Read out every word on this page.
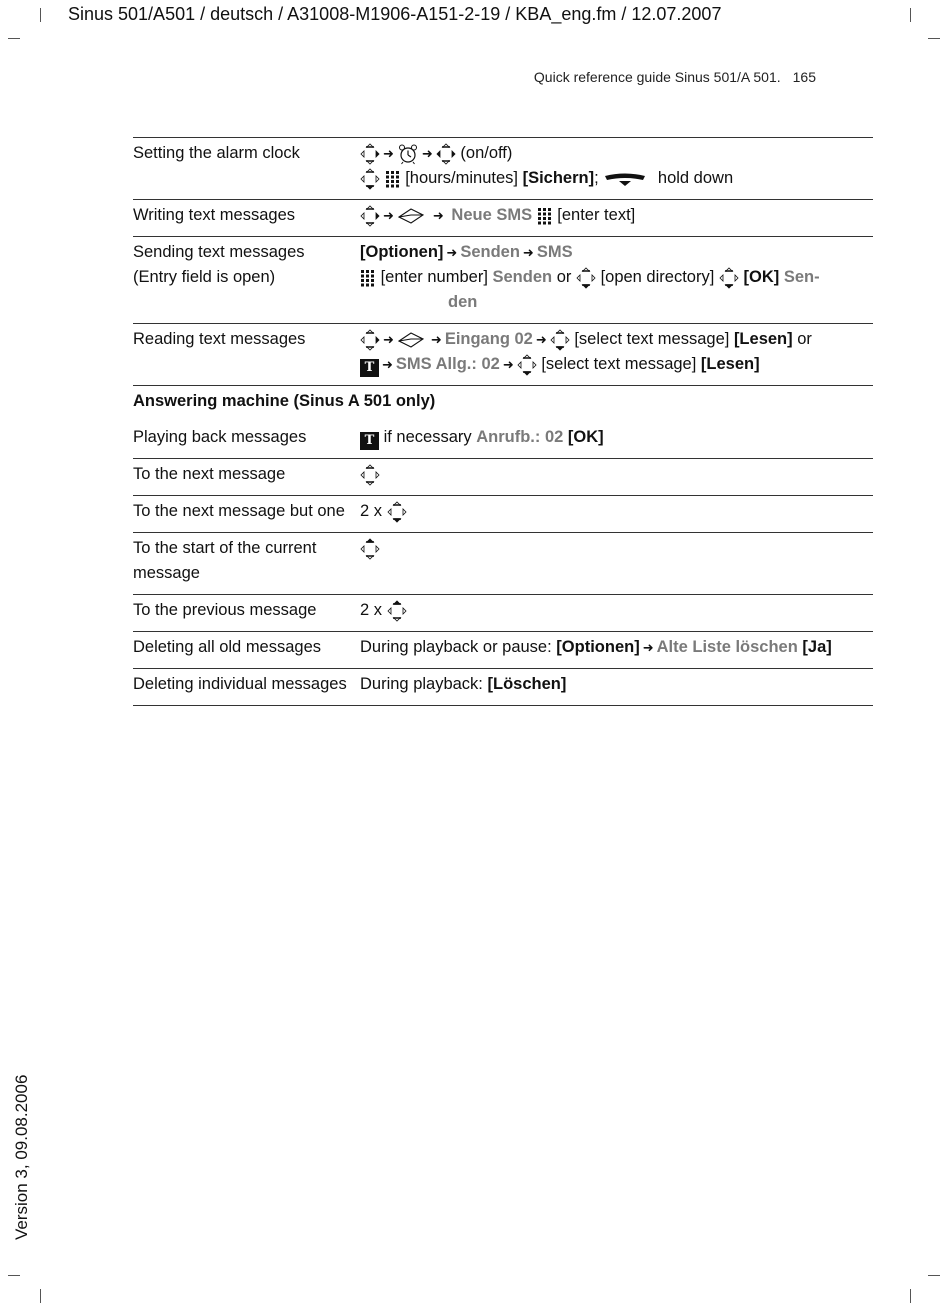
Sinus 501/A501 / deutsch / A31008-M1906-A151-2-19 / KBA_eng.fm / 12.07.2007
Quick reference guide Sinus 501/A 501. 165
Version 3, 09.08.2006
Setting the alarm clock	➜ ➜ (on/off)
[hours/minutes] [Sichern]; hold down
Writing text messages	➜ ➜ Neue SMS [enter text]
Sending text messages
(Entry field is open)	[Optionen] ➜ Senden ➜ SMS
[enter number] Senden or [open directory] [OK] Sen-
den
Reading text messages	➜ ➜ Eingang 02 ➜ [select text message] [Lesen] or
T ➜ SMS Allg.: 02 ➜ [select text message] [Lesen]
Answering machine (Sinus A 501 only)	
Playing back messages	T if necessary Anrufb.: 02 [OK]
To the next message	
To the next message but one	2 x
To the start of the current message	
To the previous message	2 x
Deleting all old messages	During playback or pause: [Optionen] ➜ Alte Liste löschen [Ja]
Deleting individual messages	During playback: [Löschen]
